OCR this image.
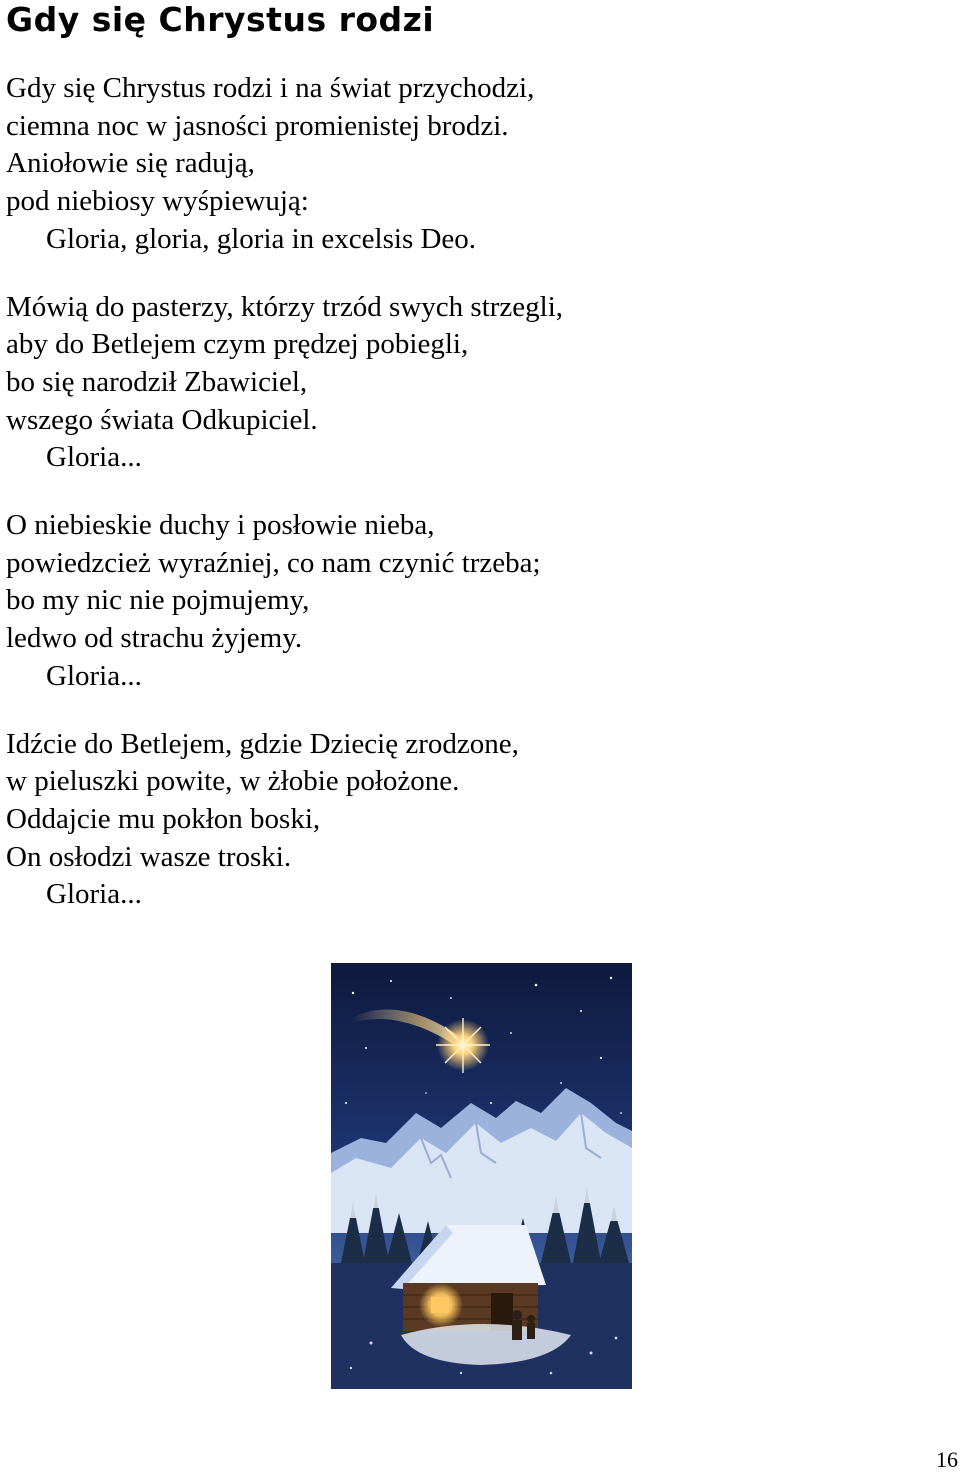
Gdy się Chrystus rodzi

Gdy się Chrystus rodzi i na świat przychodzi,

ciemna noc w jasności promienistej brodzi.

Aniołowie się radują,

pod niebiosy wyśpiewują:

Gloria, gloria, gloria in excelsis Deo.

Mówią do pasterzy, którzy trzód swych strzegli,

aby do Betlejem czym prędzej pobiegli,

bo się narodził Zbawiciel,

wszego świata Odkupiciel.

Gloria...

O niebieskie duchy i posłowie nieba,

powiedzcież wyraźniej, co nam czynić trzeba;

bo my nic nie pojmujemy,

ledwo od strachu żyjemy.

Gloria...

Idźcie do Betlejem, gdzie Dziecię zrodzone,

w pieluszki powite, w żłobie położone.

Oddajcie mu pokłon boski,

On osłodzi wasze troski.

Gloria...

16
